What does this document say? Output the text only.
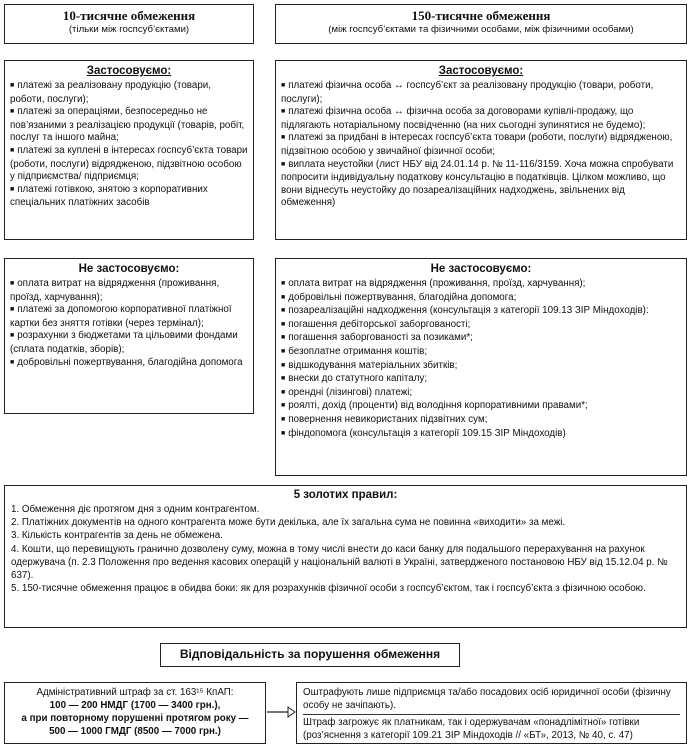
10-тисячне обмеження
(тільки між госпсуб’єктами)
150-тисячне обмеження
(між госпсуб’єктами та фізичними особами, між фізичними особами)
Застосовуємо:
■ платежі за реалізовану продукцію (товари, роботи, послуги);
■ платежі за операціями, безпосередньо не пов’язаними з реалізацією продукції (товарів, робіт, послуг та іншого майна;
■ платежі за куплені в інтересах госпсуб’єкта товари (роботи, послуги) відрядженою, підзвітною особою у підприємства/ підприємця;
■ платежі готівкою, знятою з корпоративних спеціальних платіжних засобів
Застосовуємо:
■ платежі фізична особа ↔ госпсуб’єкт за реалізовану продукцію (товари, роботи, послуги);
■ платежі фізична особа ↔ фізична особа за договорами купівлі-продажу, що підлягають нотаріальному посвідченню (на них сьогодні зупинятися не будемо);
■ платежі за придбані в інтересах госпсуб’єкта товари (роботи, послуги) відрядженою, підзвітною особою у звичайної фізичної особи;
■ виплата неустойки (лист НБУ від 24.01.14 р. № 11-116/3159. Хоча можна спробувати попросити індивідуальну податкову консультацію в податківців. Цілком можливо, що вони віднесуть неустойку до позареалізаційних надходжень, звільнених від обмеження)
Не застосовуємо:
■ оплата витрат на відрядження (проживання, проїзд, харчування);
■ платежі за допомогою корпоративної платіжної картки без зняття готівки (через термінал);
■ розрахунки з бюджетами та цільовими фондами (сплата податків, зборів);
■ добровільні пожертвування, благодійна допомога
Не застосовуємо:
■ оплата витрат на відрядження (проживання, проїзд, харчування);
■ добровільні пожертвування, благодійна допомога;
■ позареалізаційні надходження (консультація з категорії 109.13 ЗІР Міндоходів):
■ погашення дебіторської заборгованості;
■ погашення заборгованості за позиками*;
■ безоплатне отримання коштів;
■ відшкодування матеріальних збитків;
■ внески до статутного капіталу;
■ орендні (лізингові) платежі;
■ роялті, дохід (проценти) від володіння корпоративними правами*;
■ повернення невикористаних підзвітних сум;
■ фіндопомога (консультація з категорії 109.15 ЗІР Міндоходів)
5 золотих правил:

1. Обмеження діє протягом дня з одним контрагентом.

2. Платіжних документів на одного контрагента може бути декілька, але їх загальна сума не повинна «виходити» за межі.

3. Кількість контрагентів за день не обмежена.

4. Кошти, що перевищують гранично дозволену суму, можна в тому числі внести до каси банку для подальшого перерахування на рахунок одержувача (п. 2.3 Положення про ведення касових операцій у національній валюті в Україні, затвердженого постановою НБУ від 15.12.04 р. № 637).

5. 150-тисячне обмеження працює в обидва боки: як для розрахунків фізичної особи з госпсуб’єктом, так і госпсуб’єкта з фізичною особою.

Відповідальність за порушення обмеження
Адміністративний штраф за ст. 163¹⁵ КпАП:
100 — 200 НМДГ (1700 — 3400 грн.),
а при повторному порушенні протягом року —
500 — 1000 ГМДГ (8500 — 7000 грн.)

Оштрафують лише підприємця та/або посадових осіб юридичної особи (фізичну особу не зачіпають).

Штраф загрожує як платникам, так і одержувачам «понадлімітної» готівки (роз’яснення з категорії 109.21 ЗІР Міндоходів // «БТ», 2013, № 40, с. 47)
